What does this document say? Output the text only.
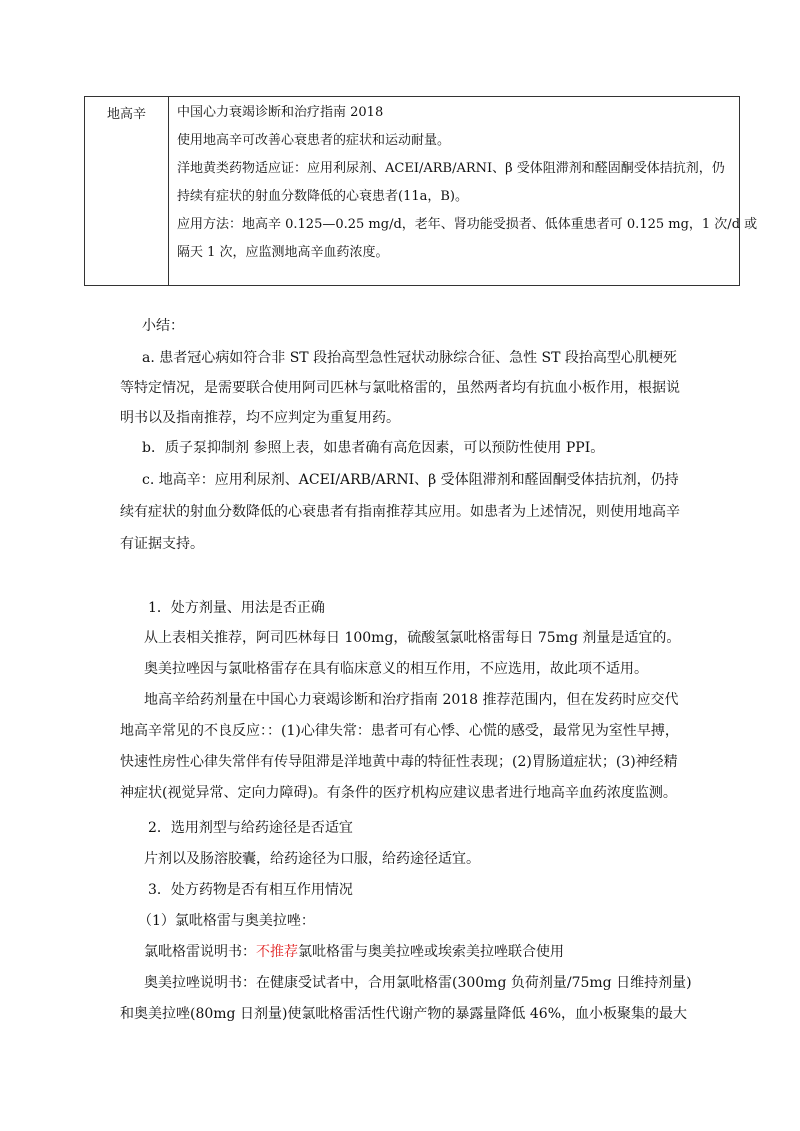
地高辛 中国心力衰竭诊断和治疗指南 2018

使用地高辛可改善心衰患者的症状和运动耐量。

洋地黄类药物适应证：应用利尿剂、ACEI/ARB/ARNI、β 受体阻滞剂和醛固酮受体拮抗剂，仍

持续有症状的射血分数降低的心衰患者(11a，B)。

应用方法：地高辛 0.125—0.25 mg/d，老年、肾功能受损者、低体重患者可 0.125 mg，1 次/d 或

隔天 1 次，应监测地高辛血药浓度。

小结：

a. 患者冠心病如符合非 ST 段抬高型急性冠状动脉综合征、急性 ST 段抬高型心肌梗死

等特定情况，是需要联合使用阿司匹林与氯吡格雷的，虽然两者均有抗血小板作用，根据说

明书以及指南推荐，均不应判定为重复用药。

b．质子泵抑制剂 参照上表，如患者确有高危因素，可以预防性使用 PPI。

c. 地高辛：应用利尿剂、ACEI/ARB/ARNI、β 受体阻滞剂和醛固酮受体拮抗剂，仍持

续有症状的射血分数降低的心衰患者有指南推荐其应用。如患者为上述情况，则使用地高辛

有证据支持。

1．处方剂量、用法是否正确

从上表相关推荐，阿司匹林每日 100mg，硫酸氢氯吡格雷每日 75mg 剂量是适宜的。

奥美拉唑因与氯吡格雷存在具有临床意义的相互作用，不应选用，故此项不适用。

地高辛给药剂量在中国心力衰竭诊断和治疗指南 2018 推荐范围内，但在发药时应交代

地高辛常见的不良反应：：(1)心律失常：患者可有心悸、心慌的感受，最常见为室性早搏，

快速性房性心律失常伴有传导阻滞是洋地黄中毒的特征性表现；(2)胃肠道症状；(3)神经精

神症状(视觉异常、定向力障碍)。有条件的医疗机构应建议患者进行地高辛血药浓度监测。

2．选用剂型与给药途径是否适宜

片剂以及肠溶胶囊，给药途径为口服，给药途径适宜。

3．处方药物是否有相互作用情况

（1）氯吡格雷与奥美拉唑：

氯吡格雷说明书：不推荐氯吡格雷与奥美拉唑或埃索美拉唑联合使用

奥美拉唑说明书：在健康受试者中，合用氯吡格雷(300mg 负荷剂量/75mg 日维持剂量)

和奥美拉唑(80mg 日剂量)使氯吡格雷活性代谢产物的暴露量降低 46%，血小板聚集的最大
